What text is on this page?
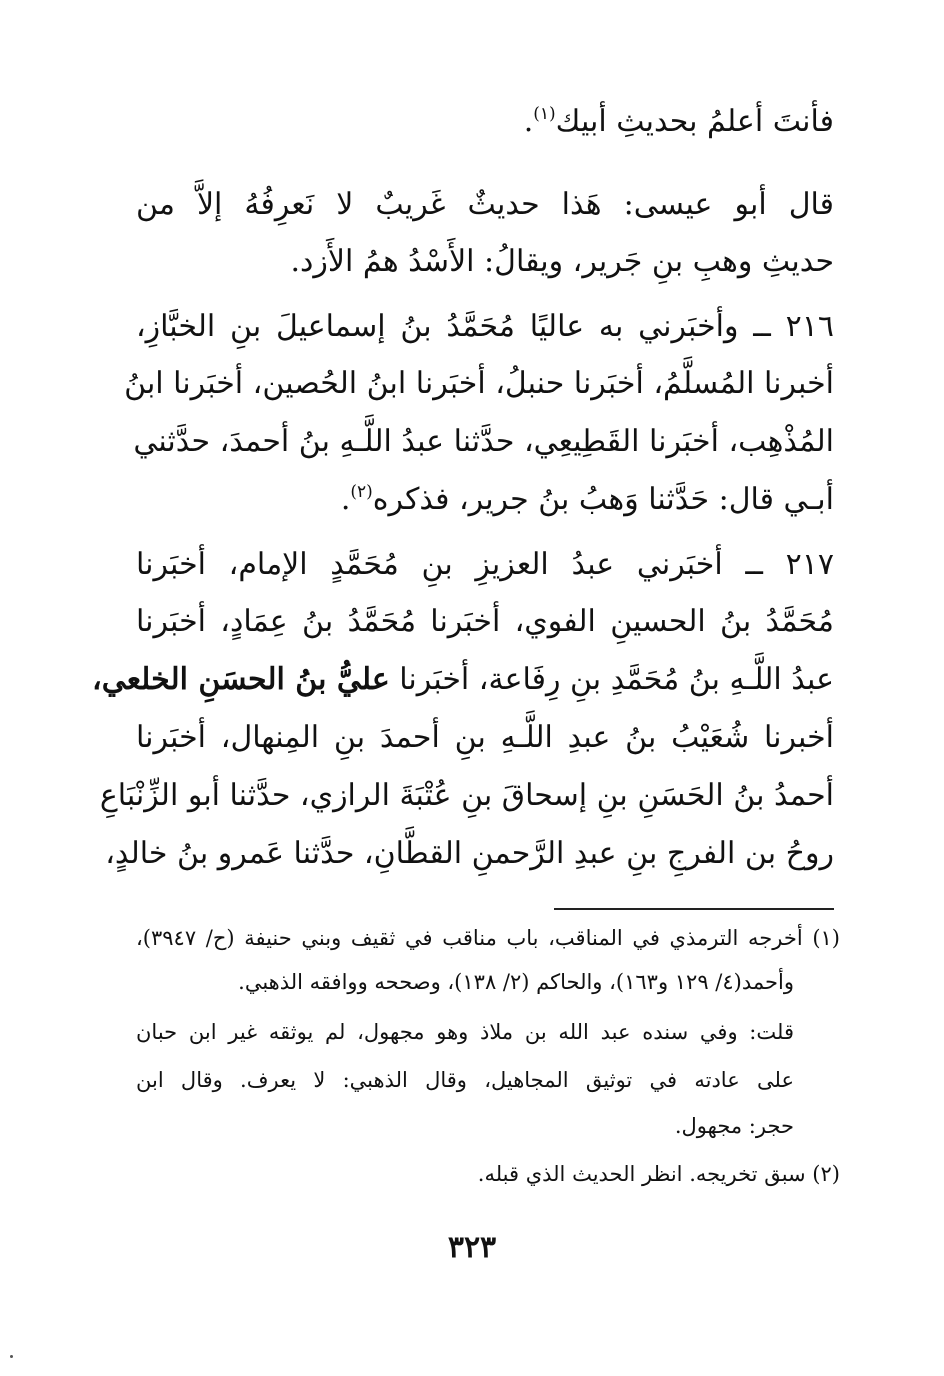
فأنتَ أعلمُ بحديثِ أبيك$^{(١)}$.
قال أبو عيسى: هَذا حديثٌ غَريبٌ لا نَعرِفُهُ إلاَّ من
حديثِ وهبِ بنِ جَرير، ويقالُ: الأَسْدُ همُ الأَزد.
٢١٦ ــ وأخبَرني به عاليًا مُحَمَّدُ بنُ إسماعيلَ بنِ الخبَّازِ،
أخبرنا المُسلَّمُ، أخبَرنا حنبلُ، أخبَرنا ابنُ الحُصين، أخبَرنا ابنُ
المُذْهِب، أخبَرنا القَطِيعِي، حدَّثنا عبدُ اللَّـهِ بنُ أحمدَ، حدَّثني
أبـي قال: حَدَّثنا وَهبُ بنُ جرير، فذكره$^{(٢)}$.
٢١٧ ــ أخبَرني عبدُ العزيزِ بنِ مُحَمَّدٍ الإمام، أخبَرنا
مُحَمَّدُ بنُ الحسينِ الفوي، أخبَرنا مُحَمَّدُ بنُ عِمَادٍ، أخبَرنا
عبدُ اللَّـهِ بنُ مُحَمَّدِ بنِ رِفَاعة، أخبَرنا عليُّ بنُ الحسَنِ الخلعي،
أخبرنا شُعَيْبُ بنُ عبدِ اللَّـهِ بنِ أحمدَ بنِ المِنهال، أخبَرنا
أحمدُ بنُ الحَسَنِ بنِ إسحاقَ بنِ عُتْبَةَ الرازي، حدَّثنا أبو الزِّنْبَاعِ
روحُ بن الفرجِ بنِ عبدِ الرَّحمنِ القطَّانِ، حدَّثنا عَمرو بنُ خالدٍ،
(١) أخرجه الترمذي في المناقب، باب مناقب في ثقيف وبني حنيفة (ح/ ٣٩٤٧)،
وأحمد(٤/ ١٢٩ و١٦٣)، والحاكم (٢/ ١٣٨)، وصححه ووافقه الذهبي.
قلت: وفي سنده عبد الله بن ملاذ وهو مجهول، لم يوثقه غير ابن حبان
على عادته في توثيق المجاهيل، وقال الذهبي: لا يعرف. وقال ابن
حجر: مجهول.
(٢) سبق تخريجه. انظر الحديث الذي قبله.
٣٢٣
